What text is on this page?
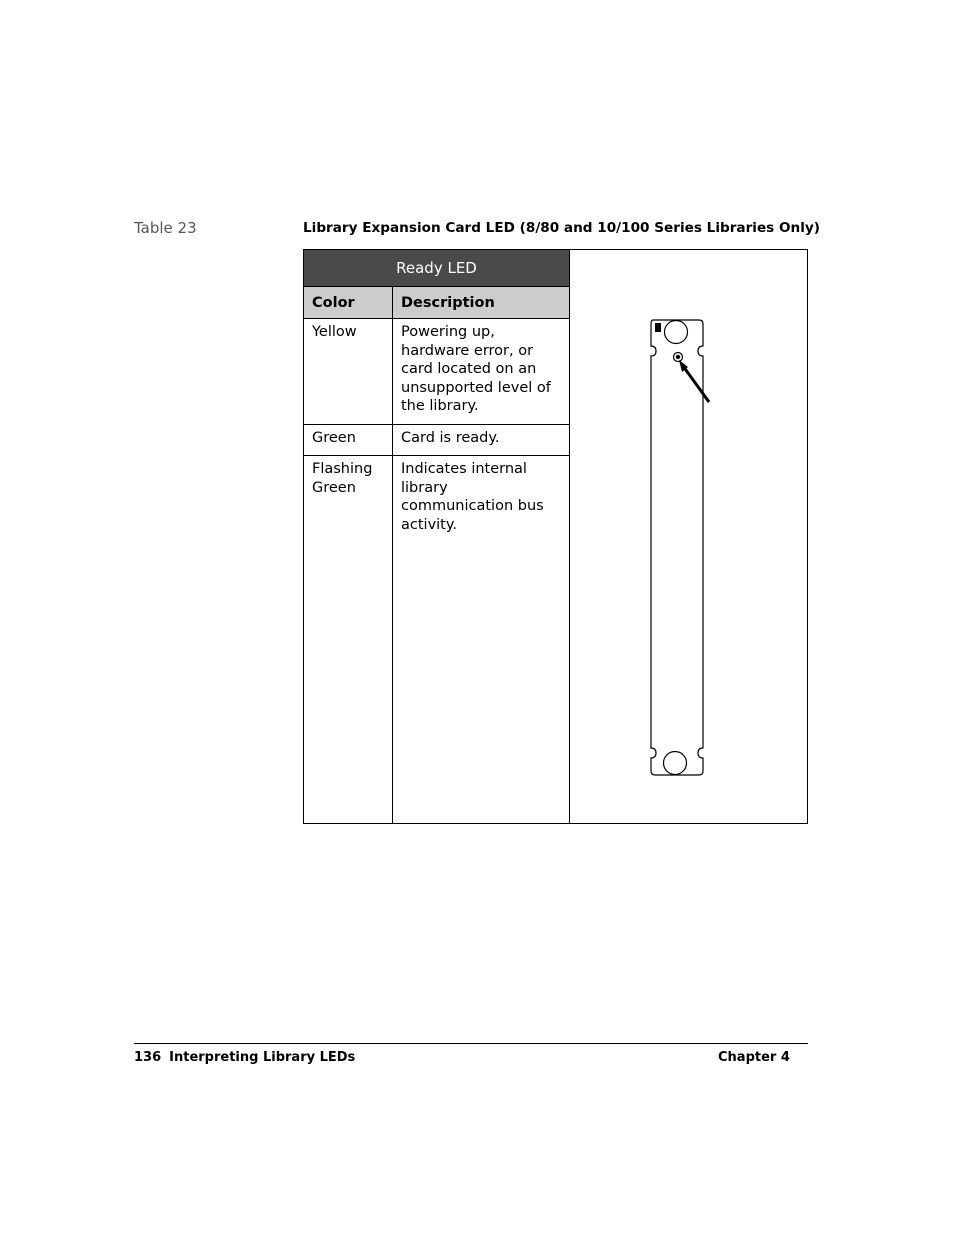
Table 23	Library Expansion Card LED (8/80 and 10/100 Series Libraries Only)
Ready LED	

Color	Description	
Yellow	Powering up, hardware error, or card located on an unsupported level of the library.	
Green	Card is ready.	
Flashing Green	Indicates internal library communication bus activity.	
136 Interpreting Library LEDs	Chapter 4
